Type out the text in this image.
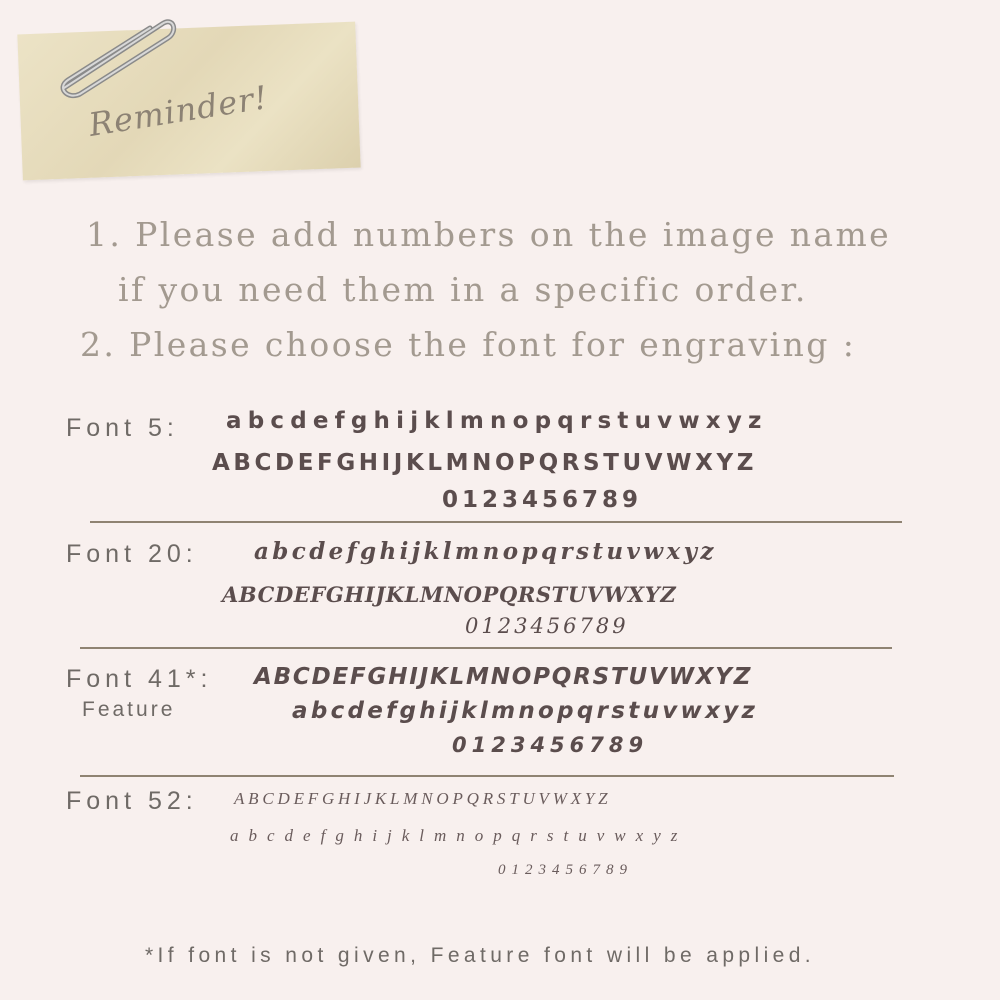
Reminder!
1. Please add numbers on the image name
if you need them in a specific order.
2. Please choose the font for engraving :
Font 5: abcdefghijklmnopqrstuvwxyz
ABCDEFGHIJKLMNOPQRSTUVWXYZ
0123456789
Font 20: abcdefghijklmnopqrstuvwxyz
ABCDEFGHIJKLMNOPQRSTUVWXYZ
0123456789
Font 41*:
Feature
ABCDEFGHIJKLMNOPQRSTUVWXYZ
abcdefghijklmnopqrstuvwxyz
0123456789
Font 52: ABCDEFGHIJKLMNOPQRSTUVWXYZ
abcdefghijklmnopqrstuvwxyz
0123456789
*If font is not given, Feature font will be applied.
